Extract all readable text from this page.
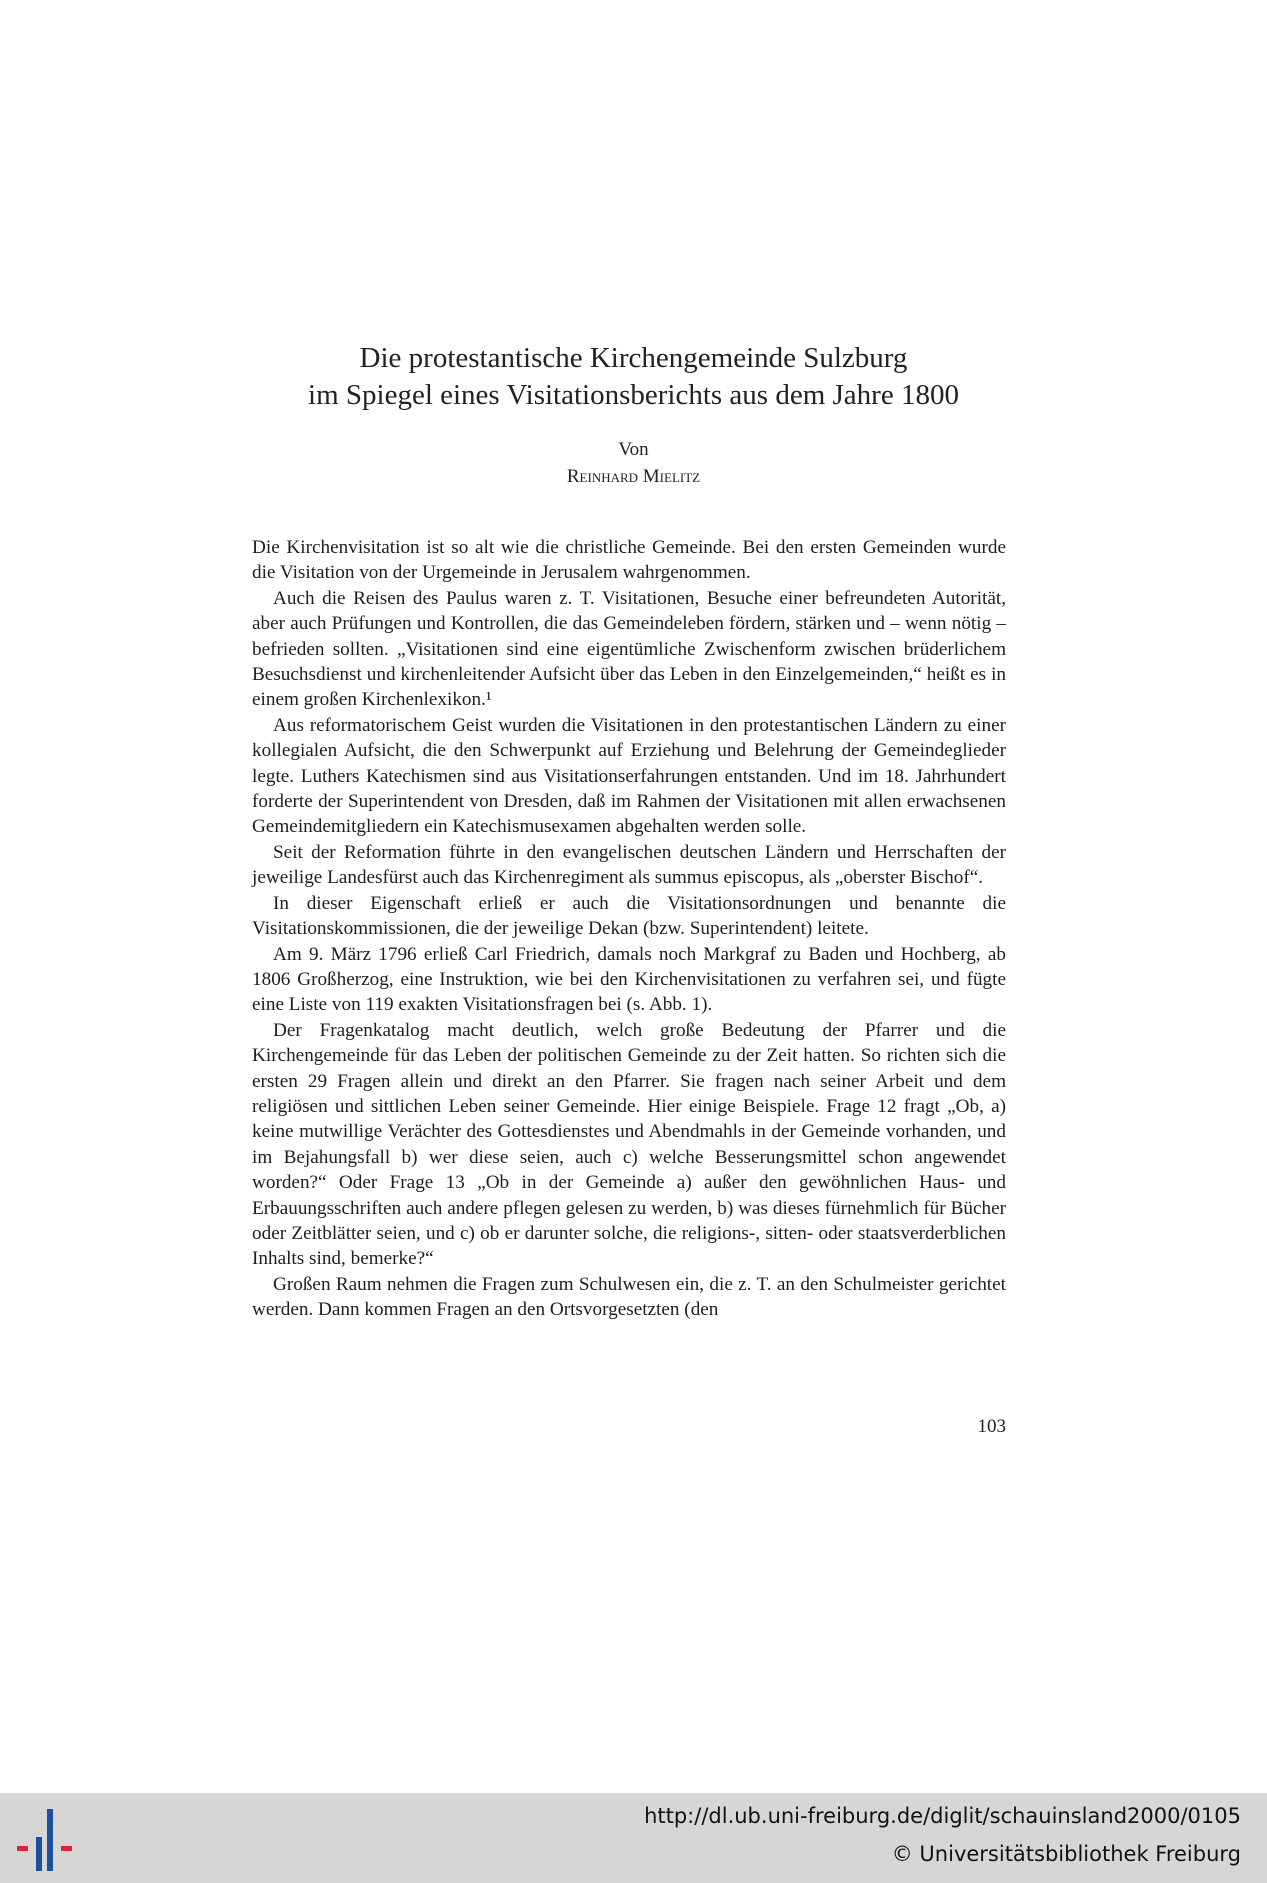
Die protestantische Kirchengemeinde Sulzburg
im Spiegel eines Visitationsberichts aus dem Jahre 1800
Von
Reinhard Mielitz

Die Kirchenvisitation ist so alt wie die christliche Gemeinde. Bei den ersten Gemeinden wurde die Visitation von der Urgemeinde in Jerusalem wahrgenommen.

Auch die Reisen des Paulus waren z. T. Visitationen, Besuche einer befreundeten Autorität, aber auch Prüfungen und Kontrollen, die das Gemeindeleben fördern, stärken und – wenn nötig – befrieden sollten. „Visitationen sind eine eigentümliche Zwischenform zwischen brüderlichem Besuchsdienst und kirchenleitender Aufsicht über das Leben in den Einzelgemeinden,“ heißt es in einem großen Kirchenlexikon.¹

Aus reformatorischem Geist wurden die Visitationen in den protestantischen Ländern zu einer kollegialen Aufsicht, die den Schwerpunkt auf Erziehung und Belehrung der Gemeindeglieder legte. Luthers Katechismen sind aus Visitationserfahrungen entstanden. Und im 18. Jahrhundert forderte der Superintendent von Dresden, daß im Rahmen der Visitationen mit allen erwachsenen Gemeindemitgliedern ein Katechismusexamen abgehalten werden solle.

Seit der Reformation führte in den evangelischen deutschen Ländern und Herrschaften der jeweilige Landesfürst auch das Kirchenregiment als summus episcopus, als „oberster Bischof“.

In dieser Eigenschaft erließ er auch die Visitationsordnungen und benannte die Visitationskommissionen, die der jeweilige Dekan (bzw. Superintendent) leitete.

Am 9. März 1796 erließ Carl Friedrich, damals noch Markgraf zu Baden und Hochberg, ab 1806 Großherzog, eine Instruktion, wie bei den Kirchenvisitationen zu verfahren sei, und fügte eine Liste von 119 exakten Visitationsfragen bei (s. Abb. 1).

Der Fragenkatalog macht deutlich, welch große Bedeutung der Pfarrer und die Kirchengemeinde für das Leben der politischen Gemeinde zu der Zeit hatten. So richten sich die ersten 29 Fragen allein und direkt an den Pfarrer. Sie fragen nach seiner Arbeit und dem religiösen und sittlichen Leben seiner Gemeinde. Hier einige Beispiele. Frage 12 fragt „Ob, a) keine mutwillige Verächter des Gottesdienstes und Abendmahls in der Gemeinde vorhanden, und im Bejahungsfall b) wer diese seien, auch c) welche Besserungsmittel schon angewendet worden?“ Oder Frage 13 „Ob in der Gemeinde a) außer den gewöhnlichen Haus- und Erbauungsschriften auch andere pflegen gelesen zu werden, b) was dieses fürnehmlich für Bücher oder Zeitblätter seien, und c) ob er darunter solche, die religions-, sitten- oder staatsverderblichen Inhalts sind, bemerke?“

Großen Raum nehmen die Fragen zum Schulwesen ein, die z. T. an den Schulmeister gerichtet werden. Dann kommen Fragen an den Ortsvorgesetzten (den

103
http://dl.ub.uni-freiburg.de/diglit/schauinsland2000/0105
© Universitätsbibliothek Freiburg
